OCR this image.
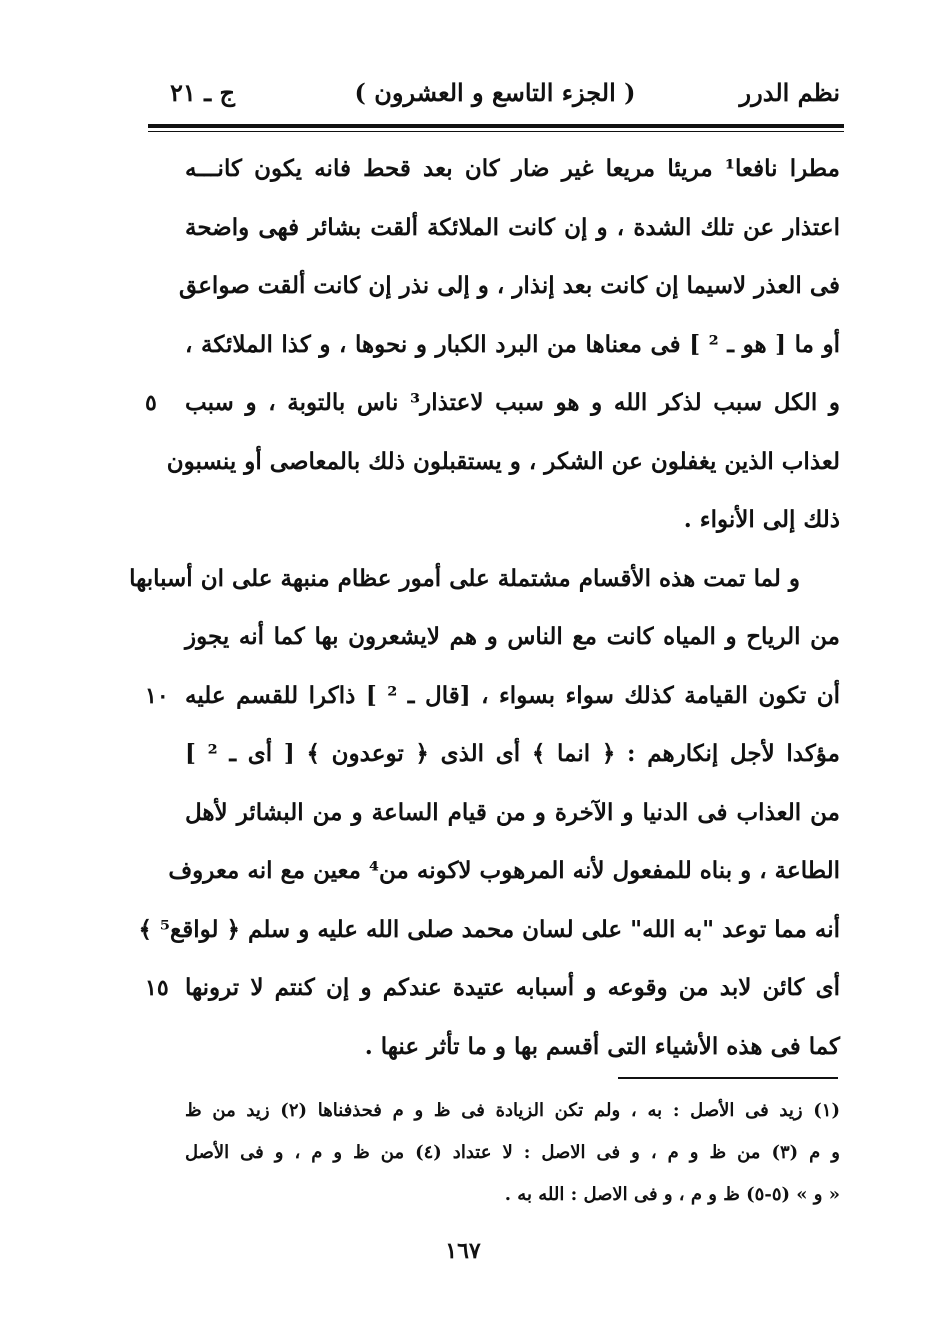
نظم الدرر
( الجزء التاسع و العشرون )
ج ـ ٢١
مطرا نافعا¹ مريئا مريعا غير ضار كان بعد قحط فانه يكون كانـــه
اعتذار عن تلك الشدة ، و إن كانت الملائكة ألقت بشائر فهى واضحة
فى العذر لاسيما إن كانت بعد إنذار ، و إلى نذر إن كانت ألقت صواعق
أو ما [ هو ـ ² ] فى معناها من البرد الكبار و نحوها ، و كذا الملائكة ،
و الكل سبب لذكر الله و هو سبب لاعتذار³ ناس بالتوبة ، و سبب
٥
لعذاب الذين يغفلون عن الشكر ، و يستقبلون ذلك بالمعاصى أو ينسبون
ذلك إلى الأنواء .
و لما تمت هذه الأقسام مشتملة على أمور عظام منبهة على ان أسبابها
من الرياح و المياه كانت مع الناس و هم لايشعرون بها كما أنه يجوز
أن تكون القيامة كذلك سواء بسواء ، [قال ـ ² ] ذاكرا للقسم عليه
١٠
مؤكدا لأجل إنكارهم : ﴿ انما ﴾ أى الذى ﴿ توعدون ﴾ [ أى ـ ² ]
من العذاب فى الدنيا و الآخرة و من قيام الساعة و من البشائر لأهل
الطاعة ، و بناه للمفعول لأنه المرهوب لاكونه من⁴ معين مع انه معروف
أنه مما توعد "به الله" على لسان محمد صلى الله عليه و سلم ﴿ لواقع⁵ ﴾
أى كائن لابد من وقوعه و أسبابه عتيدة عندكم و إن كنتم لا ترونها
١٥
كما فى هذه الأشياء التى أقسم بها و ما تأثر عنها .
(١) زيد فى الأصل : به ، ولم تكن الزيادة فى ظ و م فحذفناها (٢) زيد من ظ
و م (٣) من ظ و م ، و فى الاصل : لا عتداد (٤) من ظ و م ، و فى الأصل
« و » (٥-٥) ظ و م ، و فى الاصل : الله به .
١٦٧
